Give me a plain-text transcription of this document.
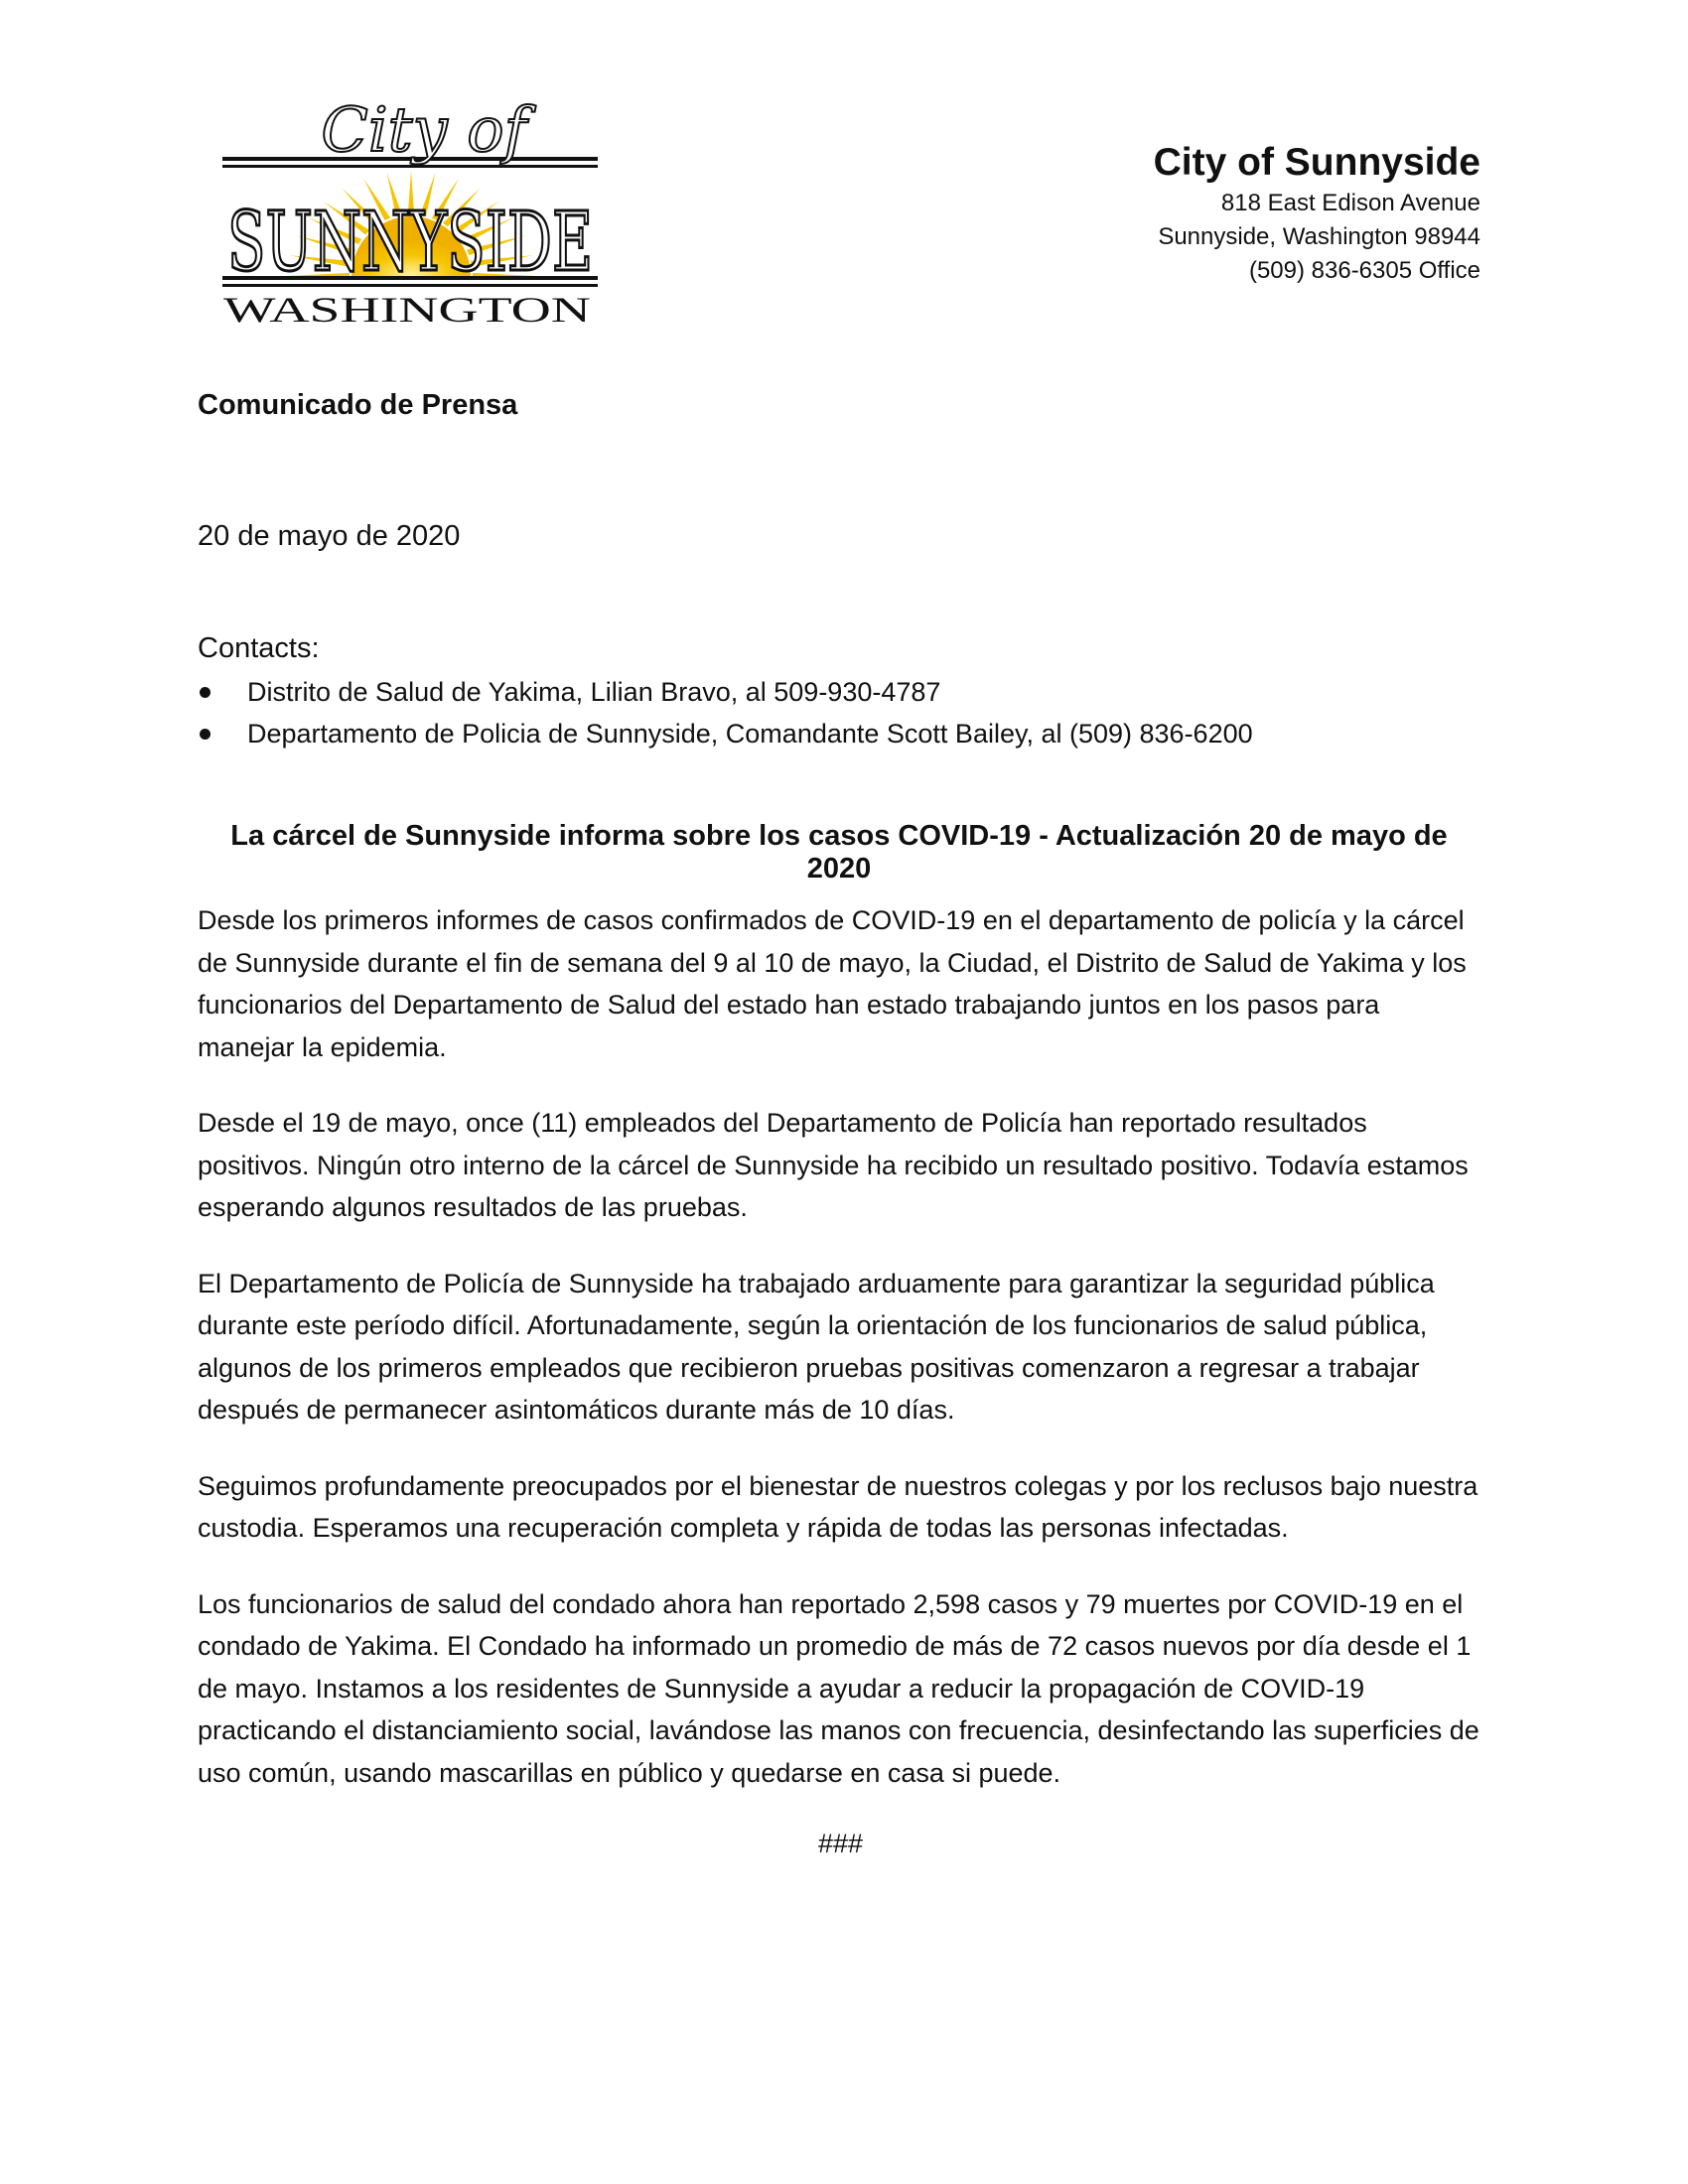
City of
SUNNYSIDE
WASHINGTON

City of Sunnyside

818 East Edison Avenue

Sunnyside, Washington 98944

(509) 836-6305 Office

Comunicado de Prensa

20 de mayo de 2020

Contacts:

Distrito de Salud de Yakima, Lilian Bravo, al 509-930-4787
Departamento de Policia de Sunnyside, Comandante Scott Bailey, al (509) 836-6200

La cárcel de Sunnyside informa sobre los casos COVID-19 - Actualización 20 de mayo de 2020

Desde los primeros informes de casos confirmados de COVID-19 en el departamento de policía y la cárcel de Sunnyside durante el fin de semana del 9 al 10 de mayo, la Ciudad, el Distrito de Salud de Yakima y los funcionarios del Departamento de Salud del estado han estado trabajando juntos en los pasos para manejar la epidemia.

Desde el 19 de mayo, once (11) empleados del Departamento de Policía han reportado resultados positivos. Ningún otro interno de la cárcel de Sunnyside ha recibido un resultado positivo. Todavía estamos esperando algunos resultados de las pruebas.

El Departamento de Policía de Sunnyside ha trabajado arduamente para garantizar la seguridad pública durante este período difícil. Afortunadamente, según la orientación de los funcionarios de salud pública, algunos de los primeros empleados que recibieron pruebas positivas comenzaron a regresar a trabajar después de permanecer asintomáticos durante más de 10 días.

Seguimos profundamente preocupados por el bienestar de nuestros colegas y por los reclusos bajo nuestra custodia. Esperamos una recuperación completa y rápida de todas las personas infectadas.

Los funcionarios de salud del condado ahora han reportado 2,598 casos y 79 muertes por COVID-19 en el condado de Yakima. El Condado ha informado un promedio de más de 72 casos nuevos por día desde el 1 de mayo. Instamos a los residentes de Sunnyside a ayudar a reducir la propagación de COVID-19 practicando el distanciamiento social, lavándose las manos con frecuencia, desinfectando las superficies de uso común, usando mascarillas en público y quedarse en casa si puede.

###
